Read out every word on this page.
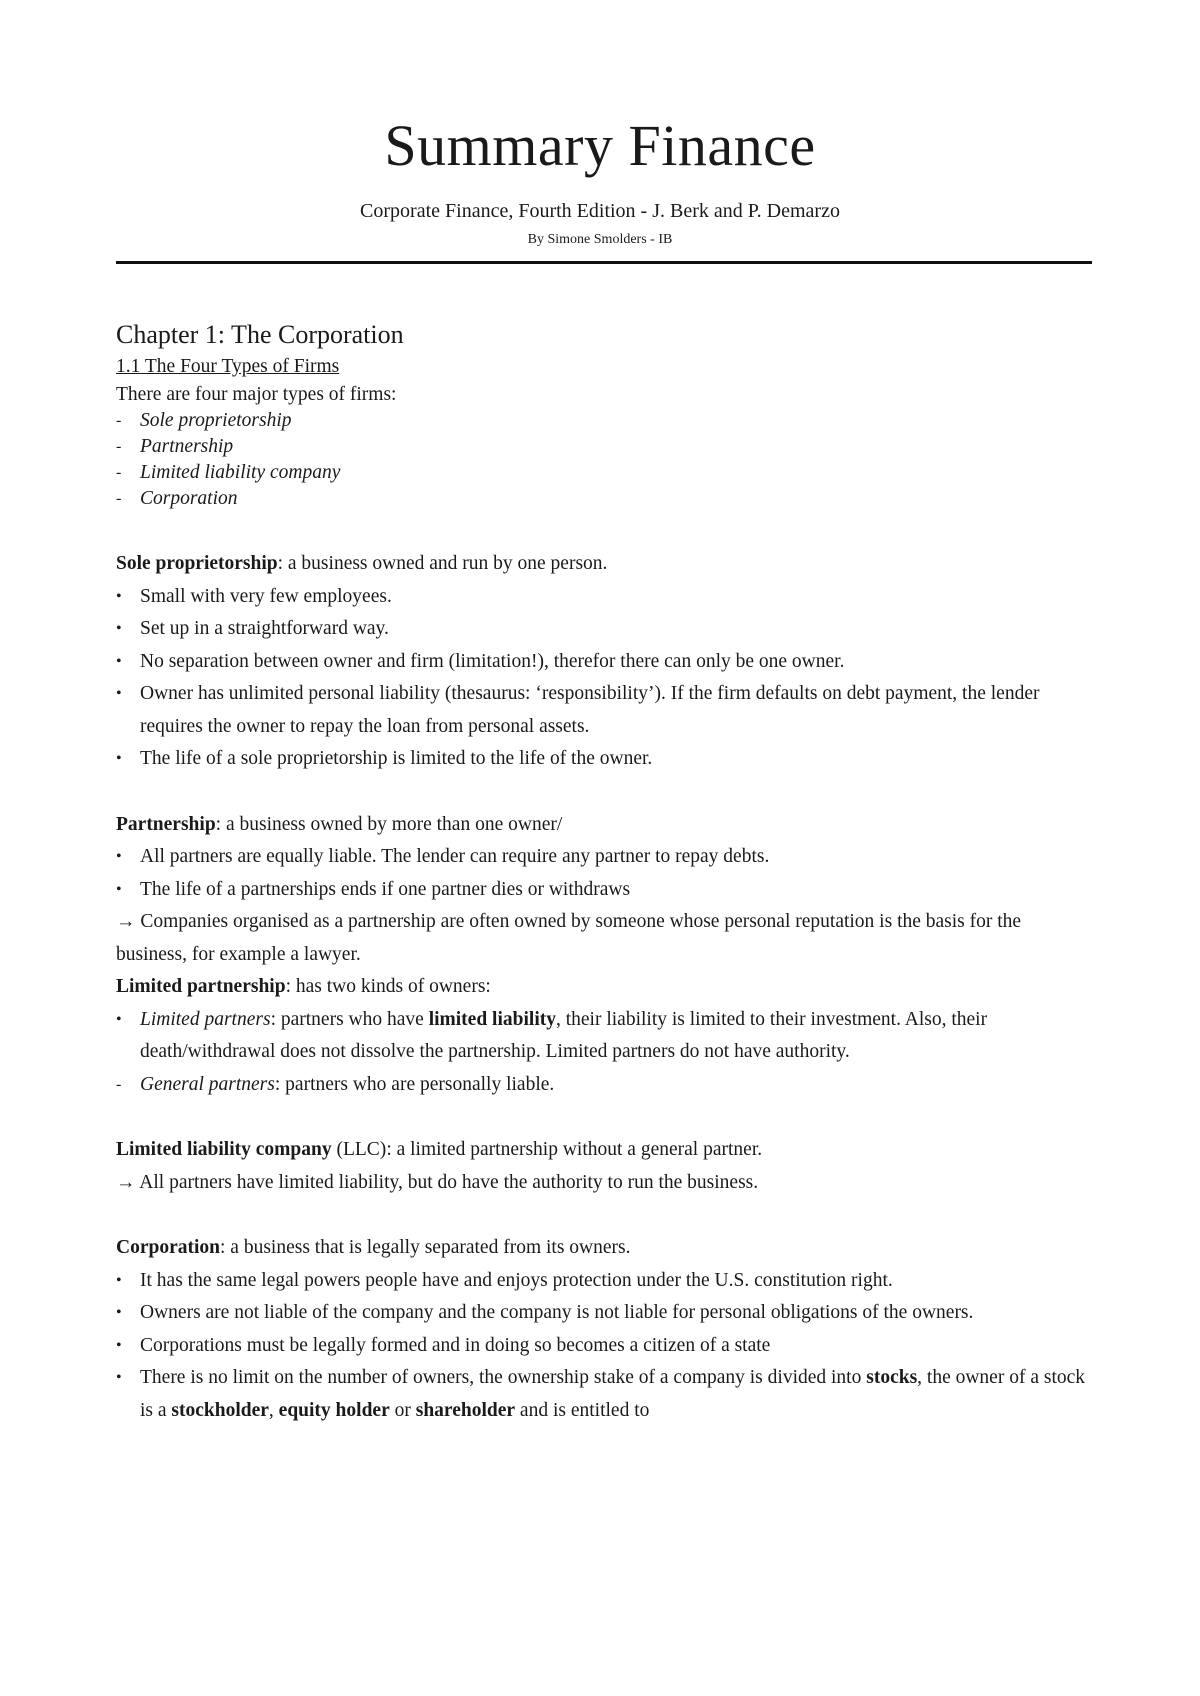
Summary Finance
Corporate Finance, Fourth Edition - J. Berk and P. Demarzo
By Simone Smolders - IB
Chapter 1: The Corporation

1.1 The Four Types of Firms

There are four major types of firms:

- Sole proprietorship
- Partnership
- Limited liability company
- Corporation

Sole proprietorship: a business owned and run by one person.

• Small with very few employees.
• Set up in a straightforward way.
• No separation between owner and firm (limitation!), therefor there can only be one owner.
• Owner has unlimited personal liability (thesaurus: ‘responsibility’). If the firm defaults on debt payment, the lender requires the owner to repay the loan from personal assets.
• The life of a sole proprietorship is limited to the life of the owner.

Partnership: a business owned by more than one owner/

• All partners are equally liable. The lender can require any partner to repay debts.
• The life of a partnerships ends if one partner dies or withdraws

→ Companies organised as a partnership are often owned by someone whose personal reputation is the basis for the business, for example a lawyer.

Limited partnership: has two kinds of owners:

• Limited partners: partners who have limited liability, their liability is limited to their investment. Also, their death/withdrawal does not dissolve the partnership. Limited partners do not have authority.
- General partners: partners who are personally liable.

Limited liability company (LLC): a limited partnership without a general partner.

→ All partners have limited liability, but do have the authority to run the business.

Corporation: a business that is legally separated from its owners.

• It has the same legal powers people have and enjoys protection under the U.S. constitution right.
• Owners are not liable of the company and the company is not liable for personal obligations of the owners.
• Corporations must be legally formed and in doing so becomes a citizen of a state
• There is no limit on the number of owners, the ownership stake of a company is divided into stocks, the owner of a stock is a stockholder, equity holder or shareholder and is entitled to
